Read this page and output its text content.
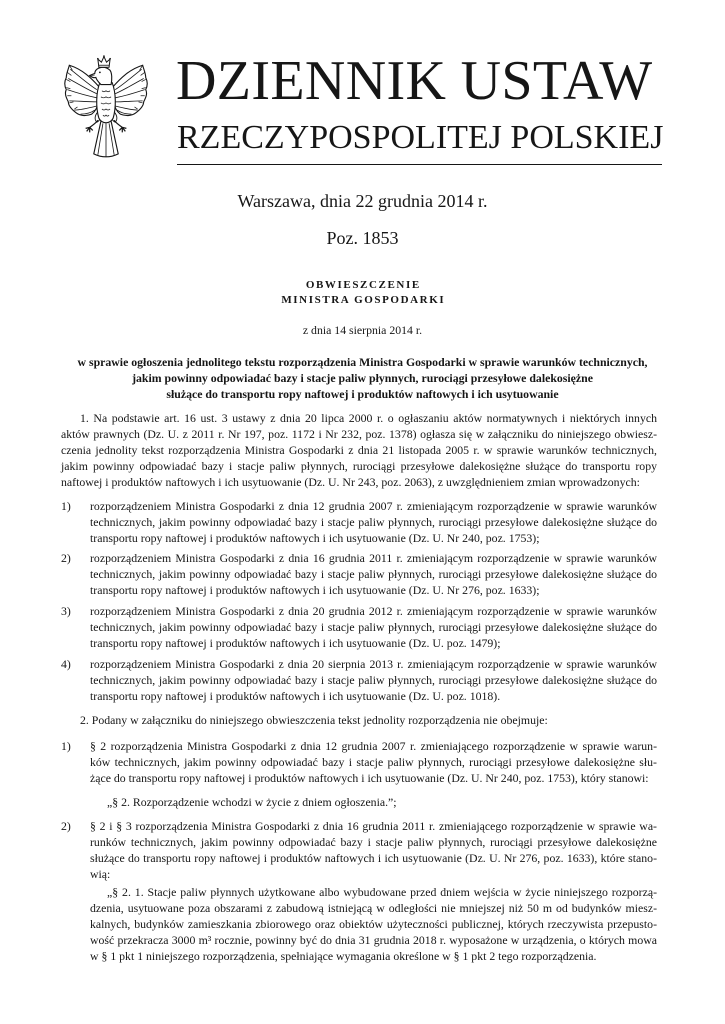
DZIENNIK USTAW
RZECZYPOSPOLITEJ POLSKIEJ
Warszawa, dnia 22 grudnia 2014 r.
Poz. 1853
OBWIESZCZENIE
MINISTRA GOSPODARKI
z dnia 14 sierpnia 2014 r.
w sprawie ogłoszenia jednolitego tekstu rozporządzenia Ministra Gospodarki w sprawie warunków technicznych,
jakim powinny odpowiadać bazy i stacje paliw płynnych, rurociągi przesyłowe dalekosiężne
służące do transportu ropy naftowej i produktów naftowych i ich usytuowanie
1. Na podstawie art. 16 ust. 3 ustawy z dnia 20 lipca 2000 r. o ogłaszaniu aktów normatywnych i niektórych innych
aktów prawnych (Dz. U. z 2011 r. Nr 197, poz. 1172 i Nr 232, poz. 1378) ogłasza się w załączniku do niniejszego obwiesz-
czenia jednolity tekst rozporządzenia Ministra Gospodarki z dnia 21 listopada 2005 r. w sprawie warunków technicznych,
jakim powinny odpowiadać bazy i stacje paliw płynnych, rurociągi przesyłowe dalekosiężne służące do transportu ropy
naftowej i produktów naftowych i ich usytuowanie (Dz. U. Nr 243, poz. 2063), z uwzględnieniem zmian wprowadzonych:
1) rozporządzeniem Ministra Gospodarki z dnia 12 grudnia 2007 r. zmieniającym rozporządzenie w sprawie warunków
technicznych, jakim powinny odpowiadać bazy i stacje paliw płynnych, rurociągi przesyłowe dalekosiężne służące do
transportu ropy naftowej i produktów naftowych i ich usytuowanie (Dz. U. Nr 240, poz. 1753);
2) rozporządzeniem Ministra Gospodarki z dnia 16 grudnia 2011 r. zmieniającym rozporządzenie w sprawie warunków
technicznych, jakim powinny odpowiadać bazy i stacje paliw płynnych, rurociągi przesyłowe dalekosiężne służące do
transportu ropy naftowej i produktów naftowych i ich usytuowanie (Dz. U. Nr 276, poz. 1633);
3) rozporządzeniem Ministra Gospodarki z dnia 20 grudnia 2012 r. zmieniającym rozporządzenie w sprawie warunków
technicznych, jakim powinny odpowiadać bazy i stacje paliw płynnych, rurociągi przesyłowe dalekosiężne służące do
transportu ropy naftowej i produktów naftowych i ich usytuowanie (Dz. U. poz. 1479);
4) rozporządzeniem Ministra Gospodarki z dnia 20 sierpnia 2013 r. zmieniającym rozporządzenie w sprawie warunków
technicznych, jakim powinny odpowiadać bazy i stacje paliw płynnych, rurociągi przesyłowe dalekosiężne służące do
transportu ropy naftowej i produktów naftowych i ich usytuowanie (Dz. U. poz. 1018).
2. Podany w załączniku do niniejszego obwieszczenia tekst jednolity rozporządzenia nie obejmuje:
1) § 2 rozporządzenia Ministra Gospodarki z dnia 12 grudnia 2007 r. zmieniającego rozporządzenie w sprawie warun-
ków technicznych, jakim powinny odpowiadać bazy i stacje paliw płynnych, rurociągi przesyłowe dalekosiężne słu-
żące do transportu ropy naftowej i produktów naftowych i ich usytuowanie (Dz. U. Nr 240, poz. 1753), który stanowi:
„§ 2. Rozporządzenie wchodzi w życie z dniem ogłoszenia.”;
2) § 2 i § 3 rozporządzenia Ministra Gospodarki z dnia 16 grudnia 2011 r. zmieniającego rozporządzenie w sprawie wa-
runków technicznych, jakim powinny odpowiadać bazy i stacje paliw płynnych, rurociągi przesyłowe dalekosiężne
służące do transportu ropy naftowej i produktów naftowych i ich usytuowanie (Dz. U. Nr 276, poz. 1633), które stano-
wią:
„§ 2. 1. Stacje paliw płynnych użytkowane albo wybudowane przed dniem wejścia w życie niniejszego rozporzą-
dzenia, usytuowane poza obszarami z zabudową istniejącą w odległości nie mniejszej niż 50 m od budynków miesz-
kalnych, budynków zamieszkania zbiorowego oraz obiektów użyteczności publicznej, których rzeczywista przepusto-
wość przekracza 3000 m³ rocznie, powinny być do dnia 31 grudnia 2018 r. wyposażone w urządzenia, o których mowa
w § 1 pkt 1 niniejszego rozporządzenia, spełniające wymagania określone w § 1 pkt 2 tego rozporządzenia.
